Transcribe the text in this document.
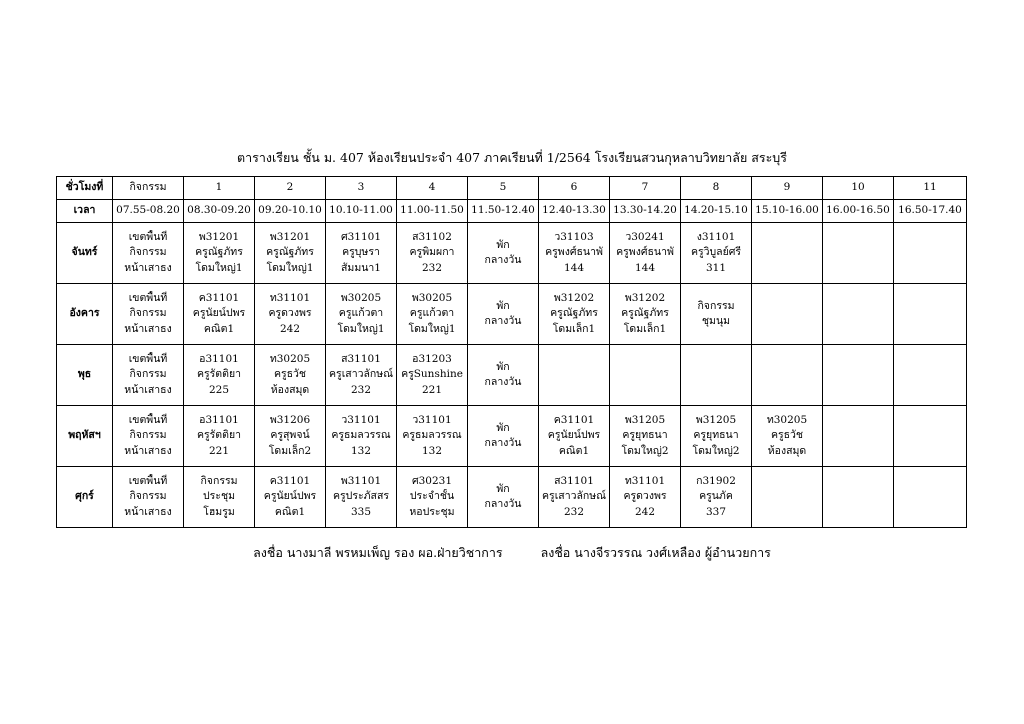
ตารางเรียน ชั้น ม. 407 ห้องเรียนประจำ 407 ภาคเรียนที่ 1/2564 โรงเรียนสวนกุหลาบวิทยาลัย สระบุรี
ชั่วโมงที่	กิจกรรม	1	2	3	4	5	6	7	8	9	10	11
เวลา	07.55-08.20	08.30-09.20	09.20-10.10	10.10-11.00	11.00-11.50	11.50-12.40	12.40-13.30	13.30-14.20	14.20-15.10	15.10-16.00	16.00-16.50	16.50-17.40
จันทร์	เขตพื้นที่
กิจกรรม
หน้าเสาธง	พ31201
ครูณัฐภัทร
โดมใหญ่1	พ31201
ครูณัฐภัทร
โดมใหญ่1	ศ31101
ครูบุษรา
สัมมนา1	ส31102
ครูพิมผกา
232	พัก
กลางวัน	ว31103
ครูพงศ์ธนาพั
144	ว30241
ครูพงศ์ธนาพั
144	ง31101
ครูวิบูลย์ศรี
311			

อังคาร	เขตพื้นที่
กิจกรรม
หน้าเสาธง	ค31101
ครูนัยน์ปพร
คณิต1	ท31101
ครูดวงพร
242	พ30205
ครูแก้วตา
โดมใหญ่1	พ30205
ครูแก้วตา
โดมใหญ่1	พัก
กลางวัน	พ31202
ครูณัฐภัทร
โดมเล็ก1	พ31202
ครูณัฐภัทร
โดมเล็ก1	กิจกรรม
ชุมนุม			

พุธ	เขตพื้นที่
กิจกรรม
หน้าเสาธง	อ31101
ครูรัตติยา
225	ท30205
ครูธวัช
ห้องสมุด	ส31101
ครูเสาวลักษณ์
232	อ31203
ครูSunshine
221	พัก
กลางวัน						

พฤหัสฯ	เขตพื้นที่
กิจกรรม
หน้าเสาธง	อ31101
ครูรัตติยา
221	พ31206
ครูสุพจน์
โดมเล็ก2	ว31101
ครูธมลวรรณ
132	ว31101
ครูธมลวรรณ
132	พัก
กลางวัน	ค31101
ครูนัยน์ปพร
คณิต1	พ31205
ครูยุทธนา
โดมใหญ่2	พ31205
ครูยุทธนา
โดมใหญ่2	ท30205
ครูธวัช
ห้องสมุด		

ศุกร์	เขตพื้นที่
กิจกรรม
หน้าเสาธง	กิจกรรม
ประชุม
โฮมรูม	ค31101
ครูนัยน์ปพร
คณิต1	พ31101
ครูประภัสสร
335	ศ30231
ประจำชั้น
หอประชุม	พัก
กลางวัน	ส31101
ครูเสาวลักษณ์
232	ท31101
ครูดวงพร
242	ก31902
ครูนภัค
337			

ลงชื่อ นางมาลี พรหมเพ็ญ รอง ผอ.ฝ่ายวิชาการ	ลงชื่อ นางจีรวรรณ วงศ์เหลือง ผู้อำนวยการ
